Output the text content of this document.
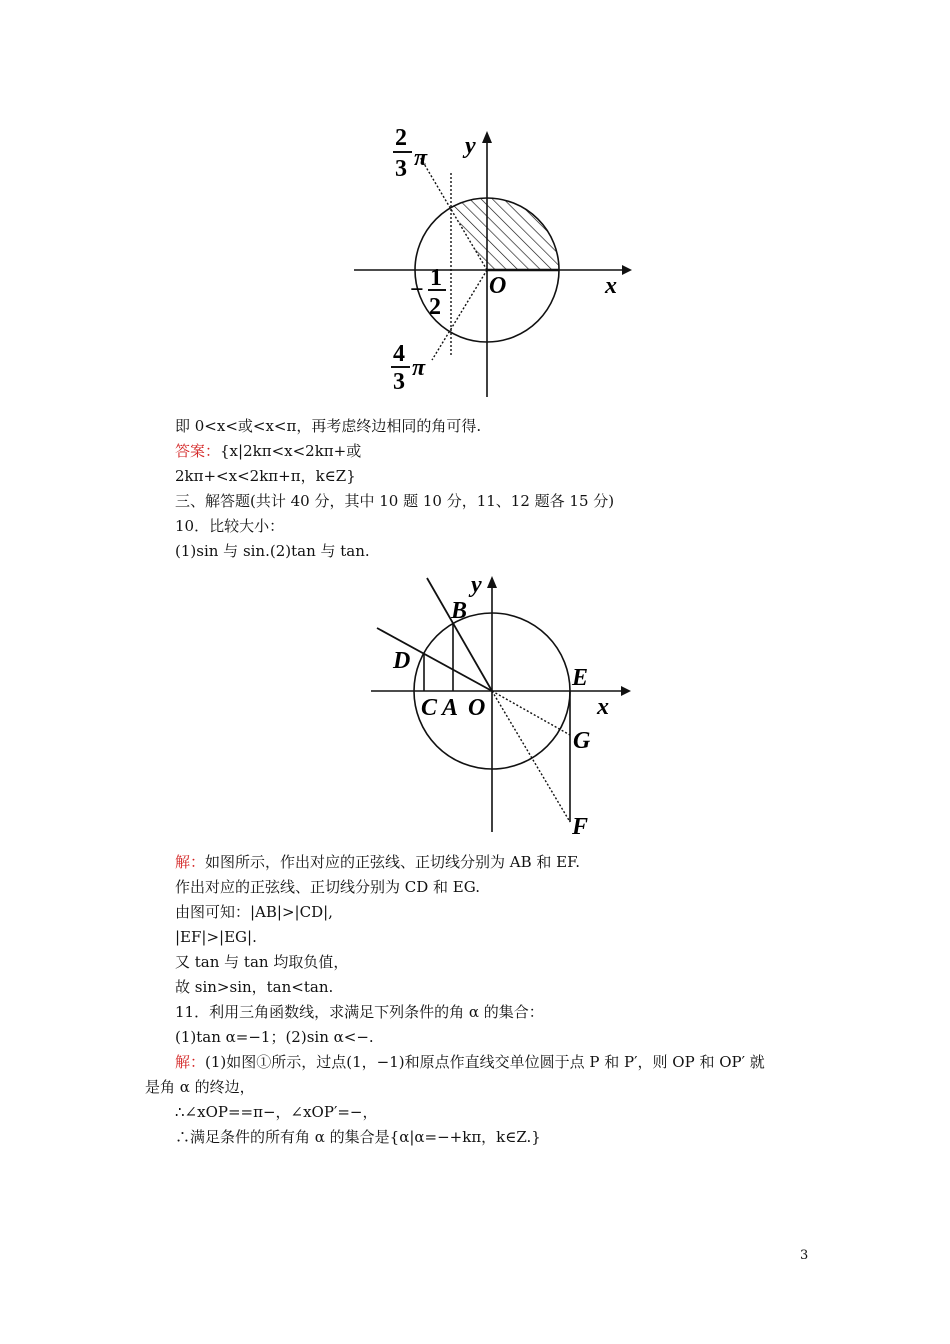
y
x
O
2
3 π
− 1
2
4
3
π
即 0<x<或<x<π，再考虑终边相同的角可得.
答案：{x|2kπ<x<2kπ+或
2kπ+<x<2kπ+π，k∈Z}
三、解答题(共计 40 分，其中 10 题 10 分，11、12 题各 15 分)
10．比较大小：
(1)sin 与 sin.(2)tan 与 tan.
y
x
B
D
E
C A O
G
F
解：如图所示，作出对应的正弦线、正切线分别为 AB 和 EF.
作出对应的正弦线、正切线分别为 CD 和 EG.
由图可知：|AB|>|CD|,
|EF|>|EG|.
又 tan 与 tan 均取负值，
故 sin>sin，tan<tan.
11．利用三角函数线，求满足下列条件的角 α 的集合：
(1)tan α=−1；(2)sin α<−.
解：(1)如图①所示，过点(1，−1)和原点作直线交单位圆于点 P 和 P′，则 OP 和 OP′ 就
是角 α 的终边，
∴∠xOP==π−，∠xOP′=−，
∴满足条件的所有角 α 的集合是{α|α=−+kπ，k∈Z.}
3
